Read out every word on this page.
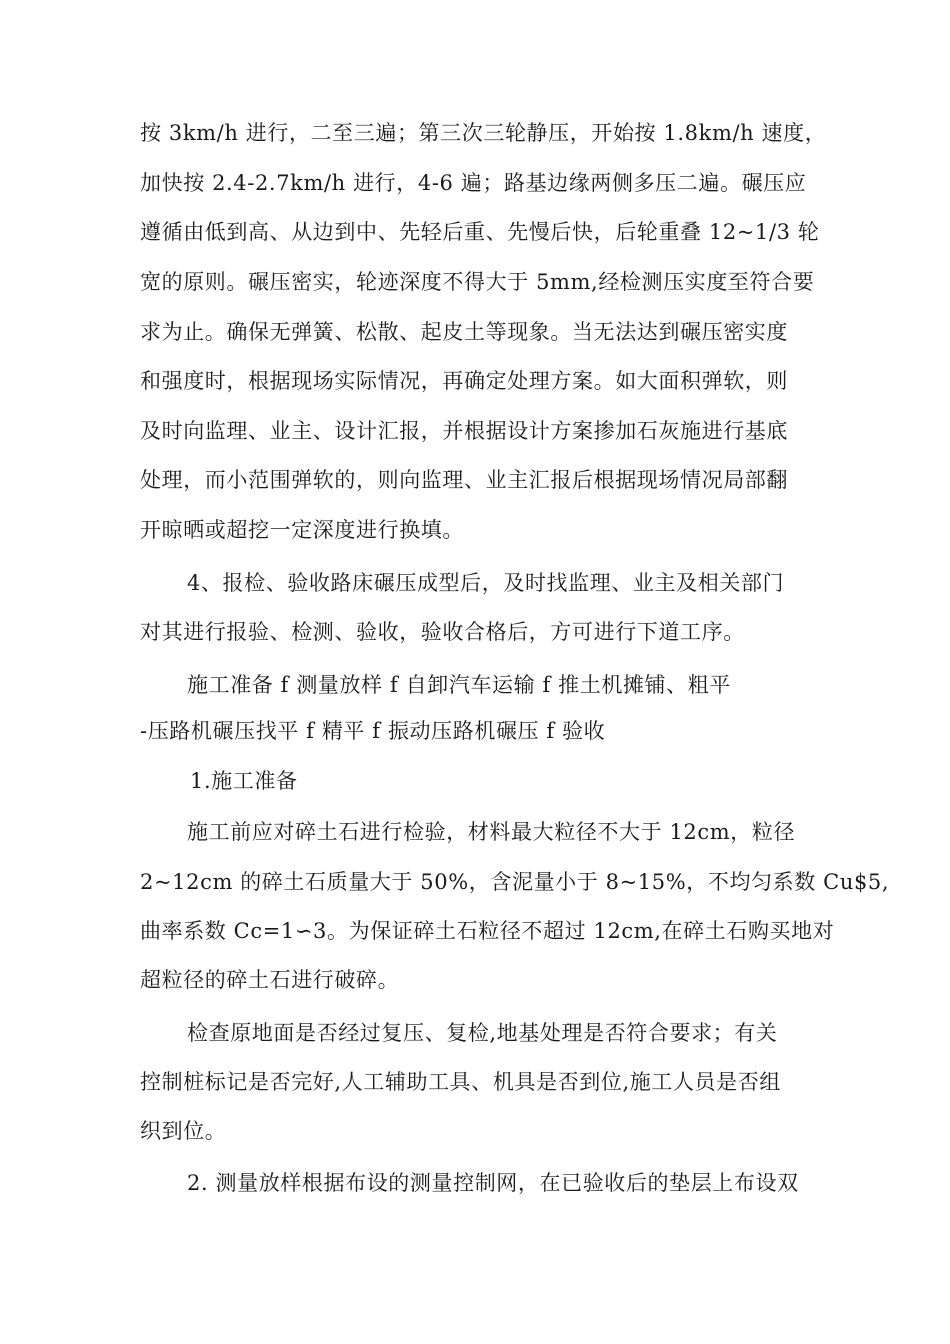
按 3km/h 进行，二至三遍；第三次三轮静压，开始按 1.8km/h 速度，
加快按 2.4-2.7km/h 进行，4-6 遍；路基边缘两侧多压二遍。碾压应
遵循由低到高、从边到中、先轻后重、先慢后快，后轮重叠 12~1/3 轮
宽的原则。碾压密实，轮迹深度不得大于 5mm,经检测压实度至符合要
求为止。确保无弹簧、松散、起皮土等现象。当无法达到碾压密实度
和强度时，根据现场实际情况，再确定处理方案。如大面积弹软，则
及时向监理、业主、设计汇报，并根据设计方案掺加石灰施进行基底
处理，而小范围弹软的，则向监理、业主汇报后根据现场情况局部翻
开晾晒或超挖一定深度进行换填。
4、报检、验收路床碾压成型后，及时找监理、业主及相关部门
对其进行报验、检测、验收，验收合格后，方可进行下道工序。
施工准备 f 测量放样 f 自卸汽车运输 f 推土机摊铺、粗平
-压路机碾压找平 f 精平 f 振动压路机碾压 f 验收
1.施工准备
施工前应对碎土石进行检验，材料最大粒径不大于 12cm，粒径
2~12cm 的碎土石质量大于 50%，含泥量小于 8~15%，不均匀系数 Cu$5,
曲率系数 Cc=1∽3。为保证碎土石粒径不超过 12cm,在碎土石购买地对
超粒径的碎土石进行破碎。
检查原地面是否经过复压、复检,地基处理是否符合要求；有关
控制桩标记是否完好,人工辅助工具、机具是否到位,施工人员是否组
织到位。
2. 测量放样根据布设的测量控制网，在已验收后的垫层上布设双
